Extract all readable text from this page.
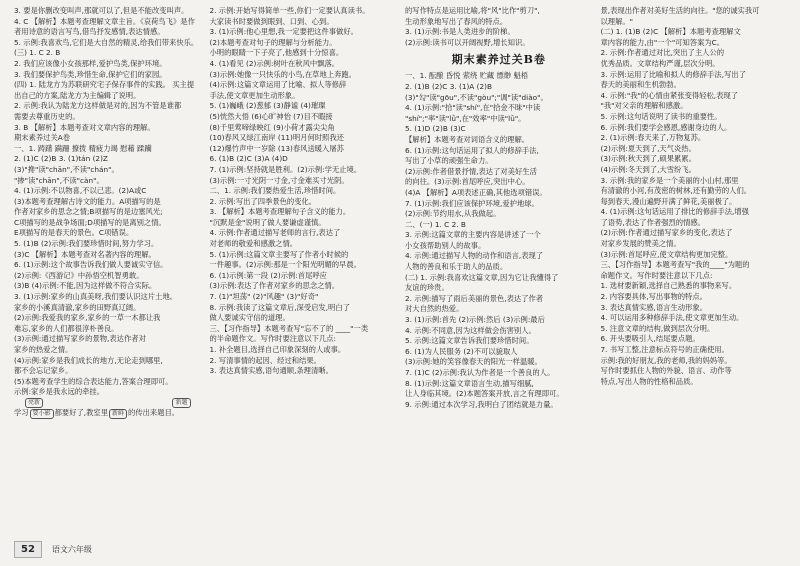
3. 要是你删改变叫声,那就可以了,但是不能改变叫声。
4. C 【解析】本题考查理解文章主旨。《哀荷鸟飞》是作
者用诗意的语言写鸟,借鸟抒发感情,表达情感。
5. 示例:我喜欢鸟,它们是大自然的精灵,给我们带来快乐。
(三) 1. C 2. B
2. 我们应该像小女孩那样,爱护鸟类,保护环境。
3. 我们要保护鸟类,珍惜生命,保护它们的家园。
(四) 1. 陆龙方为苏联研究宅子保存事件的实践。 买主提
出自己的方案,陆龙方为主编辑了说明。
2. 示例:我认为陆龙方这样做是对的,因为不管是谁都
需要去尊重历史的。
3. B 【解析】本题考查对文章内容的理解。
期末素养过关A卷
一、1. 踌躇 蹒跚 撩拨 精疲力竭 慰藉 蹂躏
2. (1)C (2)B 3. (1)tán (2)Z
(3)"搀"读"chān",不读"chán"。
"掺"读"chān",不读"càn"。
4. (1)示例:不以物喜,不以己悲。(2)A或C
(3)本题考查理解古诗文的能力。A项描写的是
作者对家乡的思念之情;B项描写的是边塞风光;
C项描写的是战争场面;D项描写的是离别之情。
E项描写的是春天的景色。C项错误。
5. (1)B (2)示例:我们要珍惜时间,努力学习。
(3)C 【解析】本题考查对名著内容的理解。
6. (1)示例:这个故事告诉我们做人要诚实守信。
(2)示例:《西游记》中孙悟空机智勇敢。
(3)B (4)示例:不能,因为这样做不符合实际。
3. (1)示例:家乡的山真美呀,我们要认识这片土地。
家乡的小溪真清澈,家乡的田野真辽阔。
(2)示例:我爱我的家乡,家乡的一草一木都让我
难忘,家乡的人们都很淳朴善良。
(3)示例:通过描写家乡的景物,表达作者对
家乡的热爱之情。
(4)示例:家乡是我们成长的地方,无论走到哪里,
都不会忘记家乡。
(5)本题考查学生的综合表达能力,答案合理即可。
示例:家乡是我永远的牵挂。
亮新	新题
学习 要小影 都要好了,教室里 新鲜 的传出来题目。
2. 示例:开始写得简单一些,你们一定要认真读书。
大家读书时要做到眼到、口到、心到。
3. (1)示例:他心里想,我一定要把这件事做好。
(2)本题考查对句子的理解与分析能力。
小明的眼睛一下子亮了,他感到十分惊喜。
4. (1)看见 (2)示例:树叶在秋风中飘落。
(3)示例:她像一只快乐的小鸟,在草地上奔跑。
(4)示例:这篇文章运用了比喻、拟人等修辞
手法,使文章更加生动形象。
5. (1)巍峨 (2)葱郁 (3)静谧 (4)璀璨
(5)恍然大悟 (6)心旷神怡 (7)目不暇接
(8)千里莺啼绿映红 (9)小荷才露尖尖角
(10)春风又绿江南岸 (11)明月何时照我还
(12)爆竹声中一岁除 (13)春风送暖入屠苏
6. (1)B (2)C (3)A (4)D
7. (1)示例:坚持就是胜利。(2)示例:学无止境。
(3)示例:一寸光阴一寸金,寸金难买寸光阴。
二、1. 示例:我们要热爱生活,珍惜时间。
2. 示例:写出了四季景色的变化。
3. 【解析】本题考查理解句子含义的能力。
"沉默是金"说明了做人要谦虚谨慎。
4. 示例:作者通过描写老师的言行,表达了
对老师的敬爱和感激之情。
5. (1)示例:这篇文章主要写了作者小时候的
一件趣事。(2)示例:那是一个阳光明媚的早晨。
6. (1)示例:第一段 (2)示例:首尾呼应
(3)示例:表达了作者对家乡的思念之情。
7. (1)"坦荡" (2)"风趣" (3)"好奇"
8. 示例:我读了这篇文章后,深受启发,明白了
做人要诚实守信的道理。
三、【习作指导】本题考查写"忘不了的 ____"一类
的半命题作文。写作时要注意以下几点:
1. 补全题目,选择自己印象深刻的人或事。
2. 写清事情的起因、经过和结果。
3. 表达真情实感,语句通顺,条理清晰。
的写作特点是运用比喻,将"风"比作"剪刀",
生动形象地写出了春风的特点。
3. (1)示例:书是人类进步的阶梯。
(2)示例:读书可以开阔视野,增长知识。
期末素养过关B卷
一、1. 酝酿 昏悦 萦绕 贮藏 缥缈 魁梧
2. (1)B (2)C 3. (1)A (2)B
(3)"勾"读"gōu",不读"gòu";"调"读"diào"。
4. (1)示例:"拾"读"shí",在"拾金不昧"中读
"shí";"率"读"lǜ",在"效率"中读"lǜ"。
5. (1)D (2)B (3)C
【解析】本题考查对词语含义的理解。
6. (1)示例:这句话运用了拟人的修辞手法,
写出了小草的顽强生命力。
(2)示例:作者借景抒情,表达了对美好生活
的向往。(3)示例:首尾呼应,突出中心。
(4)A 【解析】A项表述正确,其他选项错误。
7. (1)示例:我们应该保护环境,爱护地球。
(2)示例:节约用水,从我做起。
二、(一) 1. C 2. B
3. 示例:这篇文章的主要内容是讲述了一个
小女孩帮助别人的故事。
4. 示例:通过描写人物的动作和语言,表现了
人物的善良和乐于助人的品质。
(二) 1. 示例:我喜欢这篇文章,因为它让我懂得了
友谊的珍贵。
2. 示例:描写了雨后美丽的景色,表达了作者
对大自然的热爱。
3. (1)示例:首先 (2)示例:然后 (3)示例:最后
4. 示例:不同意,因为这样做会伤害别人。
5. 示例:这篇文章告诉我们要珍惜时间。
6. (1)为人民服务 (2)不可以貌取人
(3)示例:她的笑容像春天的阳光一样温暖。
7. (1)C (2)示例:我认为作者是一个善良的人。
8. (1)示例:这篇文章语言生动,描写细腻,
让人身临其境。(2)本题答案开放,言之有理即可。
9. 示例:通过本次学习,我明白了团结就是力量。
景,表现出作者对美好生活的向往。"您的诚实我可
以理解。"
(二) 1. (1)B (2)C 【解析】本题考查理解文
章内容的能力,由"一个"可知答案为C。
2. 示例:作者通过对比,突出了主人公的
优秀品质。文章结构严谨,层次分明。
3. 示例:运用了比喻和拟人的修辞手法,写出了
春天的美丽和生机勃勃。
4. 示例:"我"的心情由紧张变得轻松,表现了
"我"对父亲的理解和感激。
5. 示例:这句话说明了读书的重要性。
6. 示例:我们要学会感恩,感谢身边的人。
2. (1)示例:春天来了,万物复苏。
(2)示例:夏天到了,天气炎热。
(3)示例:秋天到了,硕果累累。
(4)示例:冬天到了,大雪纷飞。
3. 示例:我的家乡是一个美丽的小山村,那里
有清澈的小河,有茂密的树林,还有勤劳的人们。
每到春天,漫山遍野开满了鲜花,美丽极了。
4. (1)示例:这句话运用了排比的修辞手法,增强
了语势,表达了作者强烈的情感。
(2)示例:作者通过描写家乡的变化,表达了
对家乡发展的赞美之情。
(3)示例:首尾呼应,使文章结构更加完整。
三、【习作指导】本题考查写"我的____"为题的
命题作文。写作时要注意以下几点:
1. 选材要新颖,选择自己熟悉的事物来写。
2. 内容要具体,写出事物的特点。
3. 表达真情实感,语言生动形象。
4. 可以运用多种修辞手法,使文章更加生动。
5. 注意文章的结构,做到层次分明。
6. 开头要吸引人,结尾要点题。
7. 书写工整,注意标点符号的正确使用。
示例:我的好朋友,我的老师,我的妈妈等。
写作时要抓住人物的外貌、语言、动作等
特点,写出人物的性格和品质。
52	语文六年级
